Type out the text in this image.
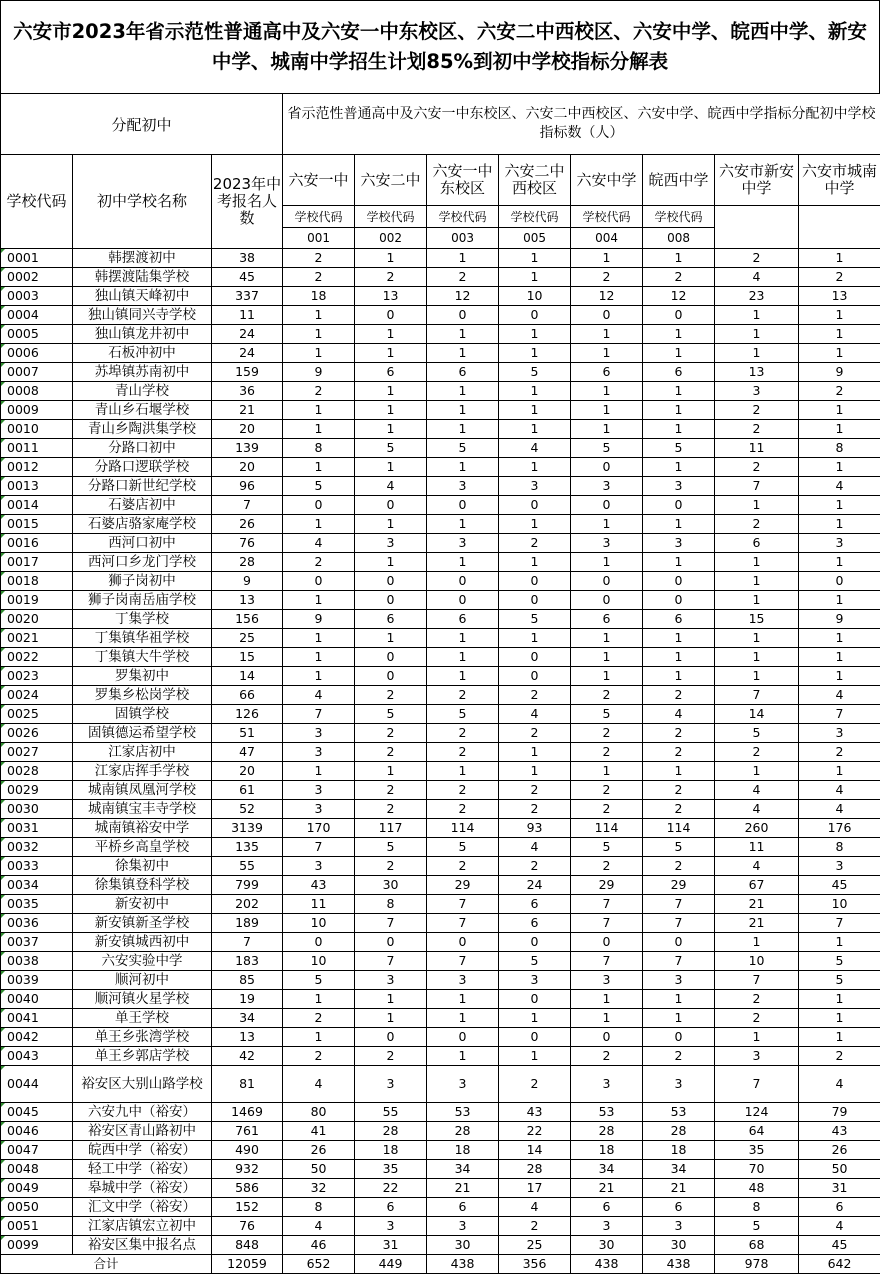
六安市2023年省示范性普通高中及六安一中东校区、六安二中西校区、六安中学、皖西中学、新安中学、城南中学招生计划85%到初中学校指标分解表
分配初中			省示范性普通高中及六安一中东校区、六安二中西校区、六安中学、皖西中学指标分配初中学校指标数（人）							
学校代码	初中学校名称	2023年中考报名人数	六安一中	六安二中	六安一中东校区	六安二中西校区	六安中学	皖西中学	六安市新安中学	六安市城南中学
			学校代码	学校代码	学校代码	学校代码	学校代码	学校代码		
			001	002	003	005	004	008		
0001	韩摆渡初中	38	2	1	1	1	1	1	2	1
0002	韩摆渡陆集学校	45	2	2	2	1	2	2	4	2
0003	独山镇天峰初中	337	18	13	12	10	12	12	23	13
0004	独山镇同兴寺学校	11	1	0	0	0	0	0	1	1
0005	独山镇龙井初中	24	1	1	1	1	1	1	1	1
0006	石板冲初中	24	1	1	1	1	1	1	1	1
0007	苏埠镇苏南初中	159	9	6	6	5	6	6	13	9
0008	青山学校	36	2	1	1	1	1	1	3	2
0009	青山乡石堰学校	21	1	1	1	1	1	1	2	1
0010	青山乡陶洪集学校	20	1	1	1	1	1	1	2	1
0011	分路口初中	139	8	5	5	4	5	5	11	8
0012	分路口逻联学校	20	1	1	1	1	0	1	2	1
0013	分路口新世纪学校	96	5	4	3	3	3	3	7	4
0014	石婆店初中	7	0	0	0	0	0	0	1	1
0015	石婆店骆家庵学校	26	1	1	1	1	1	1	2	1
0016	西河口初中	76	4	3	3	2	3	3	6	3
0017	西河口乡龙门学校	28	2	1	1	1	1	1	1	1
0018	狮子岗初中	9	0	0	0	0	0	0	1	0
0019	狮子岗南岳庙学校	13	1	0	0	0	0	0	1	1
0020	丁集学校	156	9	6	6	5	6	6	15	9
0021	丁集镇华祖学校	25	1	1	1	1	1	1	1	1
0022	丁集镇大牛学校	15	1	0	1	0	1	1	1	1
0023	罗集初中	14	1	0	1	0	1	1	1	1
0024	罗集乡松岗学校	66	4	2	2	2	2	2	7	4
0025	固镇学校	126	7	5	5	4	5	4	14	7
0026	固镇德运希望学校	51	3	2	2	2	2	2	5	3
0027	江家店初中	47	3	2	2	1	2	2	2	2
0028	江家店挥手学校	20	1	1	1	1	1	1	1	1
0029	城南镇凤凰河学校	61	3	2	2	2	2	2	4	4
0030	城南镇宝丰寺学校	52	3	2	2	2	2	2	4	4
0031	城南镇裕安中学	3139	170	117	114	93	114	114	260	176
0032	平桥乡高皇学校	135	7	5	5	4	5	5	11	8
0033	徐集初中	55	3	2	2	2	2	2	4	3
0034	徐集镇登科学校	799	43	30	29	24	29	29	67	45
0035	新安初中	202	11	8	7	6	7	7	21	10
0036	新安镇新圣学校	189	10	7	7	6	7	7	21	7
0037	新安镇城西初中	7	0	0	0	0	0	0	1	1
0038	六安实验中学	183	10	7	7	5	7	7	10	5
0039	顺河初中	85	5	3	3	3	3	3	7	5
0040	顺河镇火星学校	19	1	1	1	0	1	1	2	1
0041	单王学校	34	2	1	1	1	1	1	2	1
0042	单王乡张湾学校	13	1	0	0	0	0	0	1	1
0043	单王乡郭店学校	42	2	2	1	1	2	2	3	2
0044	裕安区大别山路学校	81	4	3	3	2	3	3	7	4
0045	六安九中（裕安）	1469	80	55	53	43	53	53	124	79
0046	裕安区青山路初中	761	41	28	28	22	28	28	64	43
0047	皖西中学（裕安）	490	26	18	18	14	18	18	35	26
0048	轻工中学（裕安）	932	50	35	34	28	34	34	70	50
0049	皋城中学（裕安）	586	32	22	21	17	21	21	48	31
0050	汇文中学（裕安）	152	8	6	6	4	6	6	8	6
0051	江家店镇宏立初中	76	4	3	3	2	3	3	5	4
0099	裕安区集中报名点	848	46	31	30	25	30	30	68	45
合计		12059	652	449	438	356	438	438	978	642
